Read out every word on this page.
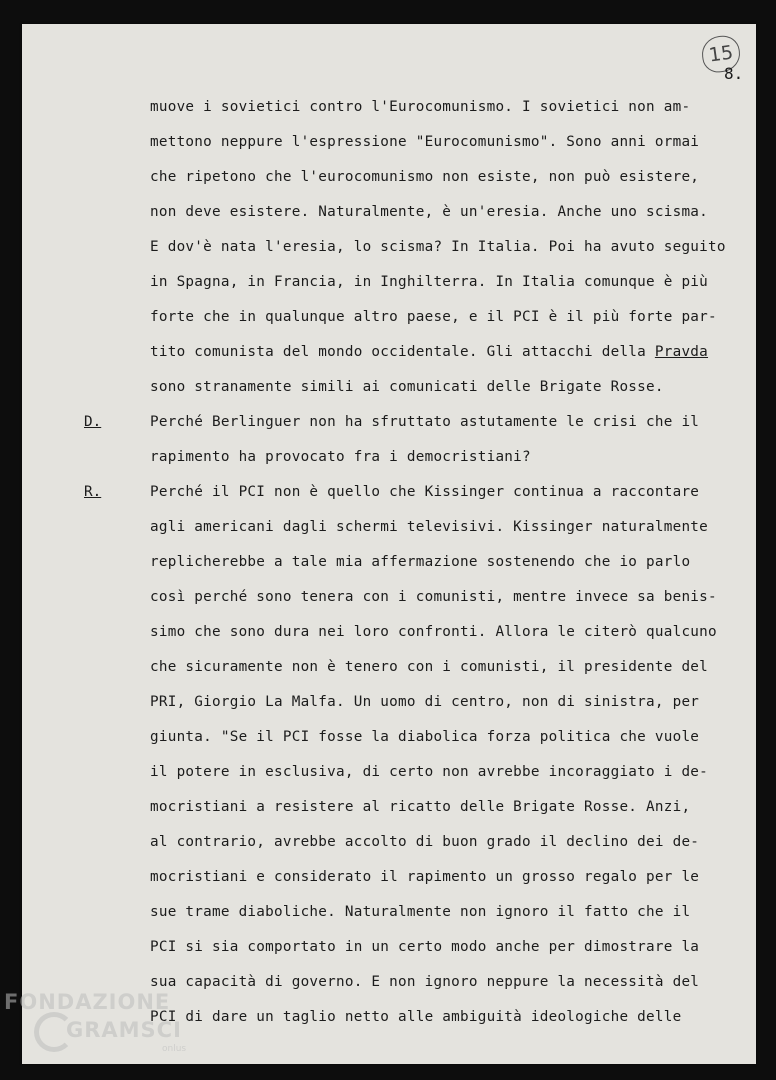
15
8.
muove i sovietici contro l'Eurocomunismo. I sovietici non am-
mettono neppure l'espressione "Eurocomunismo". Sono anni ormai
che ripetono che l'eurocomunismo non esiste, non può esistere,
non deve esistere. Naturalmente, è un'eresia. Anche uno scisma.
E dov'è nata l'eresia, lo scisma? In Italia. Poi ha avuto seguito
in Spagna, in Francia, in Inghilterra. In Italia comunque è più
forte che in qualunque altro paese, e il PCI è il più forte par-
tito comunista del mondo occidentale. Gli attacchi della Pravda
sono stranamente simili ai comunicati delle Brigate Rosse.
D.	Perché Berlinguer non ha sfruttato astutamente le crisi che il
rapimento ha provocato fra i democristiani?
R.	Perché il PCI non è quello che Kissinger continua a raccontare
agli americani dagli schermi televisivi. Kissinger naturalmente
replicherebbe a tale mia affermazione sostenendo che io parlo
così perché sono tenera con i comunisti, mentre invece sa benis-
simo che sono dura nei loro confronti. Allora le citerò qualcuno
che sicuramente non è tenero con i comunisti, il presidente del
PRI, Giorgio La Malfa. Un uomo di centro, non di sinistra, per
giunta. "Se il PCI fosse la diabolica forza politica che vuole
il potere in esclusiva, di certo non avrebbe incoraggiato i de-
mocristiani a resistere al ricatto delle Brigate Rosse. Anzi,
al contrario, avrebbe accolto di buon grado il declino dei de-
mocristiani e considerato il rapimento un grosso regalo per le
sue trame diaboliche. Naturalmente non ignoro il fatto che il
PCI si sia comportato in un certo modo anche per dimostrare la
sua capacità di governo. E non ignoro neppure la necessità del
PCI di dare un taglio netto alle ambiguità ideologiche delle
FONDAZIONE
GRAMSCI
onlus
